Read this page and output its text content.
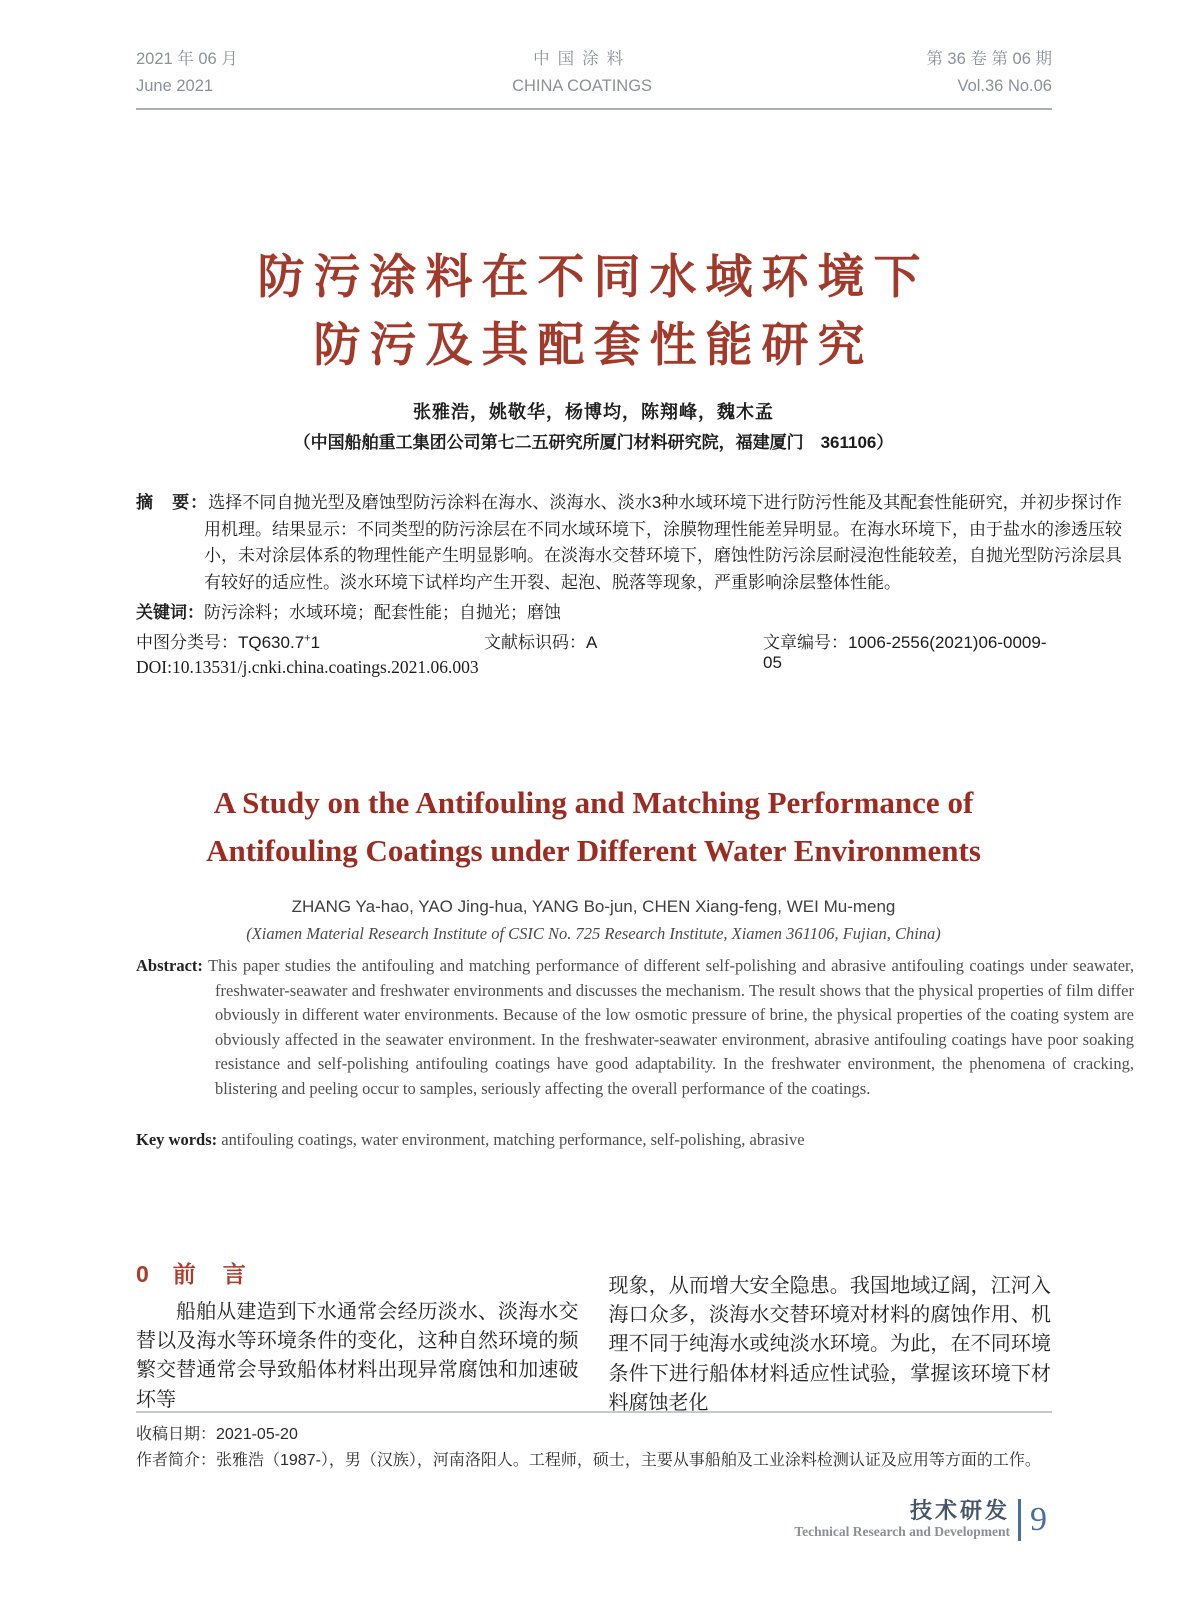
2021 年 06 月
June 2021
中国涂料
CHINA COATINGS
第 36 卷 第 06 期
Vol.36 No.06
防污涂料在不同水域环境下
防污及其配套性能研究
张雅浩，姚敬华，杨博均，陈翔峰，魏木孟
（中国船舶重工集团公司第七二五研究所厦门材料研究院，福建厦门　361106）

摘　要：选择不同自抛光型及磨蚀型防污涂料在海水、淡海水、淡水3种水域环境下进行防污性能及其配套性能研究，并初步探讨作用机理。结果显示：不同类型的防污涂层在不同水域环境下，涂膜物理性能差异明显。在海水环境下，由于盐水的渗透压较小，未对涂层体系的物理性能产生明显影响。在淡海水交替环境下，磨蚀性防污涂层耐浸泡性能较差，自抛光型防污涂层具有较好的适应性。淡水环境下试样均产生开裂、起泡、脱落等现象，严重影响涂层整体性能。

关键词：防污涂料；水域环境；配套性能；自抛光；磨蚀

中图分类号：TQ630.7+1	文献标识码：A	文章编号：1006-2556(2021)06-0009-05
DOI:10.13531/j.cnki.china.coatings.2021.06.003
A Study on the Antifouling and Matching Performance of
Antifouling Coatings under Different Water Environments
ZHANG Ya-hao, YAO Jing-hua, YANG Bo-jun, CHEN Xiang-feng, WEI Mu-meng
(Xiamen Material Research Institute of CSIC No. 725 Research Institute, Xiamen 361106, Fujian, China)

Abstract: This paper studies the antifouling and matching performance of different self-polishing and abrasive antifouling coatings under seawater, freshwater-seawater and freshwater environments and discusses the mechanism. The result shows that the physical properties of film differ obviously in different water environments. Because of the low osmotic pressure of brine, the physical properties of the coating system are obviously affected in the seawater environment. In the freshwater-seawater environment, abrasive antifouling coatings have poor soaking resistance and self-polishing antifouling coatings have good adaptability. In the freshwater environment, the phenomena of cracking, blistering and peeling occur to samples, seriously affecting the overall performance of the coatings.

Key words: antifouling coatings, water environment, matching performance, self-polishing, abrasive

0 前　言

船舶从建造到下水通常会经历淡水、淡海水交替以及海水等环境条件的变化，这种自然环境的频繁交替通常会导致船体材料出现异常腐蚀和加速破坏等

现象，从而增大安全隐患。我国地域辽阔，江河入海口众多，淡海水交替环境对材料的腐蚀作用、机理不同于纯海水或纯淡水环境。为此，在不同环境条件下进行船体材料适应性试验，掌握该环境下材料腐蚀老化

收稿日期：2021-05-20
作者简介：张雅浩（1987-），男（汉族），河南洛阳人。工程师，硕士，主要从事船舶及工业涂料检测认证及应用等方面的工作。
技术研发
Technical Research and Development 9
